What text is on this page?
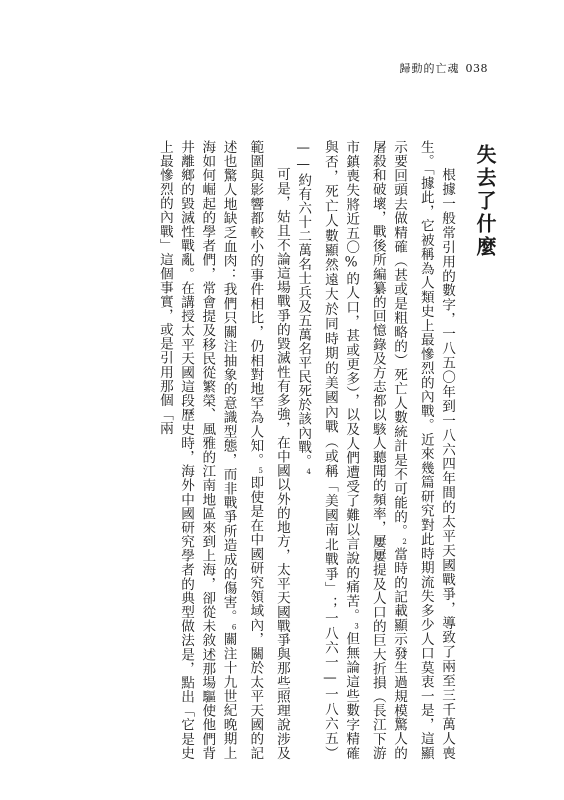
歸動的亡魂 038
失去了什麼

根據一般常引用的數字，一八五〇年到一八六四年間的太平天國戰爭，導致了兩至三千萬人喪生。「據此，它被稱為人類史上最慘烈的內戰。近來幾篇研究對此時期流失多少人口莫衷一是，這顯示要回頭去做精確（甚或是粗略的）死亡人數統計是不可能的。$^2$當時的記載顯示發生過規模驚人的屠殺和破壞，戰後所編纂的回憶錄及方志都以駭人聽聞的頻率，屢屢提及人口的巨大折損（長江下游市鎮喪失將近五〇%的人口，甚或更多），以及人們遭受了難以言說的痛苦。$^3$但無論這些數字精確與否，死亡人數顯然遠大於同時期的美國內戰（或稱「美國南北戰爭」；一八六一—一八六五）——約有六十二萬名士兵及五萬名平民死於該內戰。$^4$

可是，姑且不論這場戰爭的毀滅性有多強，在中國以外的地方，太平天國戰爭與那些照理說涉及範圍與影響都較小的事件相比，仍相對地罕為人知。$^5$即使是在中國研究領域內，關於太平天國的記述也驚人地缺乏血肉：我們只關注抽象的意識型態，而非戰爭所造成的傷害。$^6$關注十九世紀晚期上海如何崛起的學者們，常會提及移民從繁榮、風雅的江南地區來到上海，卻從未敘述那場驅使他們背井離鄉的毀滅性戰亂。在講授太平天國這段歷史時，海外中國研究學者的典型做法是，點出「它是史上最慘烈的內戰」這個事實，或是引用那個「兩
